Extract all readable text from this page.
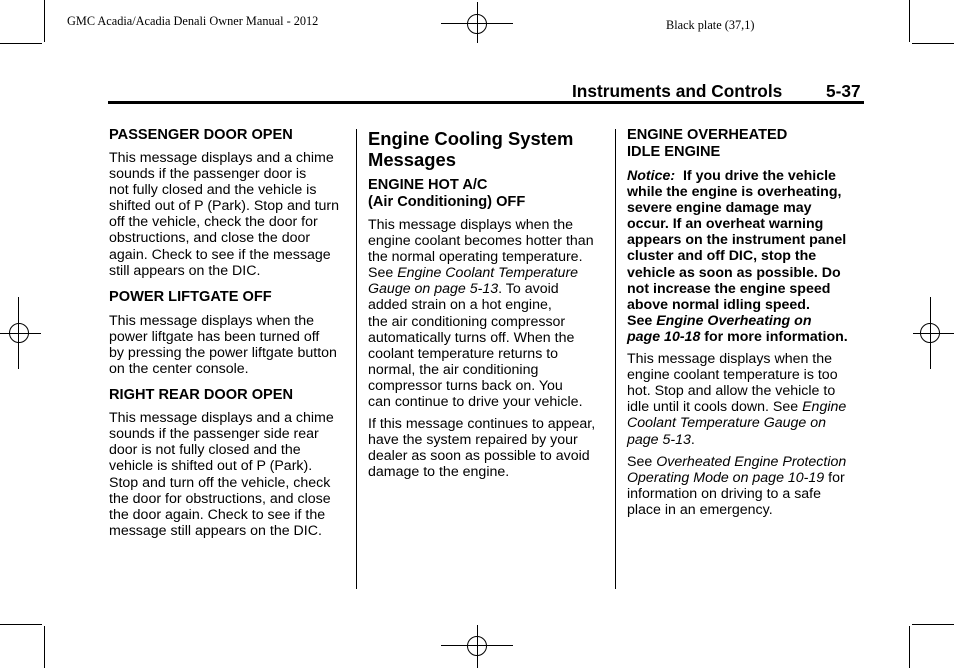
GMC Acadia/Acadia Denali Owner Manual - 2012	Black plate (37,1)
Instruments and Controls	5-37

PASSENGER DOOR OPEN

This message displays and a chime

sounds if the passenger door is

not fully closed and the vehicle is

shifted out of P (Park). Stop and turn

off the vehicle, check the door for

obstructions, and close the door

again. Check to see if the message

still appears on the DIC.

POWER LIFTGATE OFF

This message displays when the

power liftgate has been turned off

by pressing the power liftgate button

on the center console.

RIGHT REAR DOOR OPEN

This message displays and a chime

sounds if the passenger side rear

door is not fully closed and the

vehicle is shifted out of P (Park).

Stop and turn off the vehicle, check

the door for obstructions, and close

the door again. Check to see if the

message still appears on the DIC.

Engine Cooling System

Messages

ENGINE HOT A/C

(Air Conditioning) OFF

This message displays when the

engine coolant becomes hotter than

the normal operating temperature.

See Engine Coolant Temperature

Gauge on page 5-13. To avoid

added strain on a hot engine,

the air conditioning compressor

automatically turns off. When the

coolant temperature returns to

normal, the air conditioning

compressor turns back on. You

can continue to drive your vehicle.

If this message continues to appear,

have the system repaired by your

dealer as soon as possible to avoid

damage to the engine.

ENGINE OVERHEATED

IDLE ENGINE

Notice:  If you drive the vehicle

while the engine is overheating,

severe engine damage may

occur. If an overheat warning

appears on the instrument panel

cluster and off DIC, stop the

vehicle as soon as possible. Do

not increase the engine speed

above normal idling speed.

See Engine Overheating on

page 10-18 for more information.

This message displays when the

engine coolant temperature is too

hot. Stop and allow the vehicle to

idle until it cools down. See Engine

Coolant Temperature Gauge on

page 5-13.

See Overheated Engine Protection

Operating Mode on page 10-19 for

information on driving to a safe

place in an emergency.
